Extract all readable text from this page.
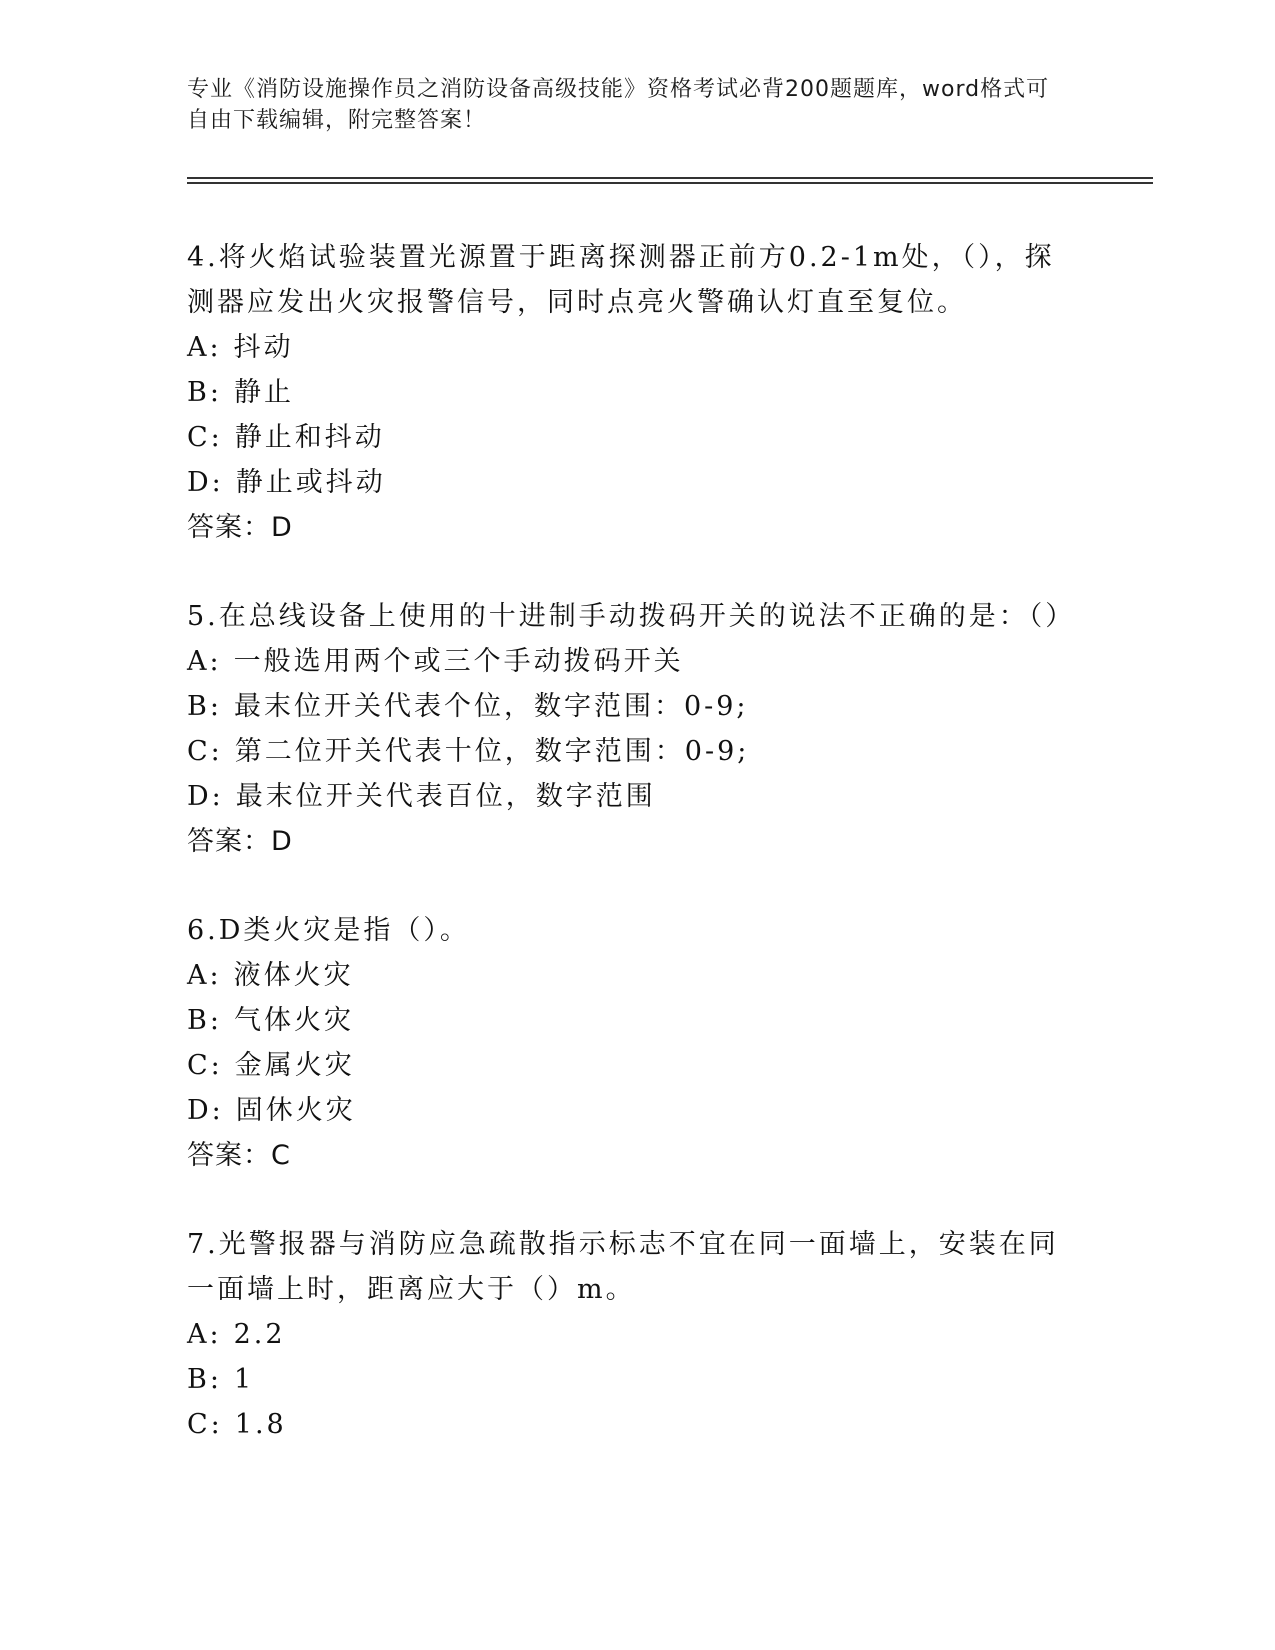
专业《消防设施操作员之消防设备高级技能》资格考试必背200题题库，word格式可自由下载编辑，附完整答案！
4.将火焰试验装置光源置于距离探测器正前方0.2-1m处，（），探测器应发出火灾报警信号，同时点亮火警确认灯直至复位。
A: 抖动
B: 静止
C: 静止和抖动
D: 静止或抖动
答案：D
5.在总线设备上使用的十进制手动拨码开关的说法不正确的是：（）
A: 一般选用两个或三个手动拨码开关
B: 最末位开关代表个位，数字范围：0-9;
C: 第二位开关代表十位，数字范围：0-9;
D: 最末位开关代表百位，数字范围
答案：D
6.D类火灾是指（）。
A: 液体火灾
B: 气体火灾
C: 金属火灾
D: 固休火灾
答案：C
7.光警报器与消防应急疏散指示标志不宜在同一面墙上，安装在同一面墙上时，距离应大于（）m。
A: 2.2
B: 1
C: 1.8
